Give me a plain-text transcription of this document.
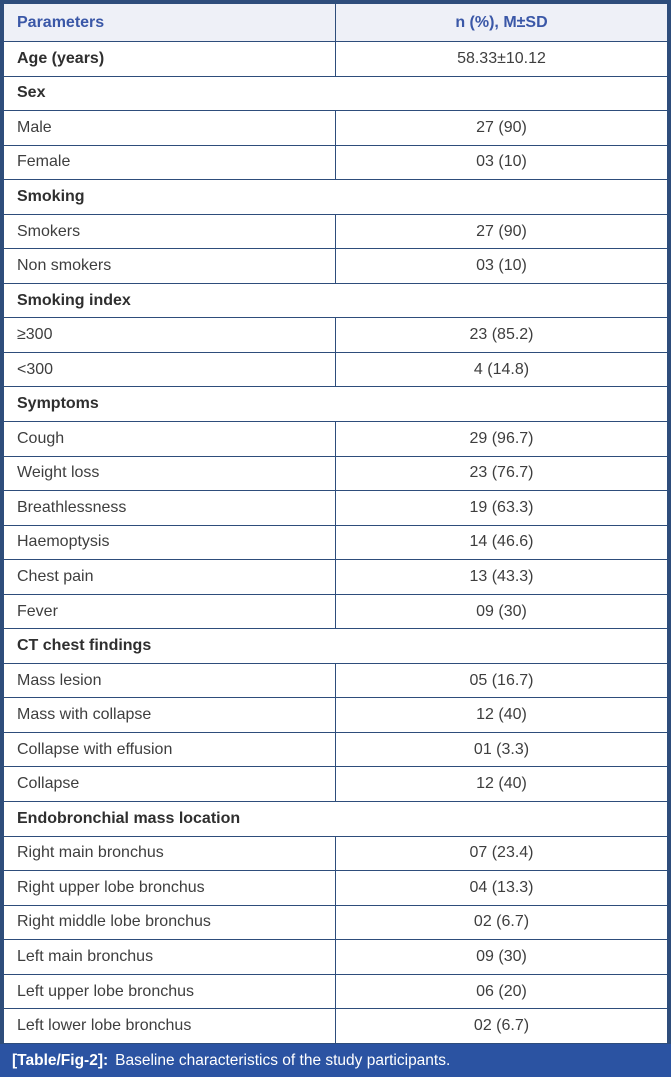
Parameters	n (%), M±SD
Age (years)	58.33±10.12
Sex	
Male	27 (90)
Female	03 (10)
Smoking	
Smokers	27 (90)
Non smokers	03 (10)
Smoking index	
≥300	23 (85.2)
<300	4 (14.8)
Symptoms	
Cough	29 (96.7)
Weight loss	23 (76.7)
Breathlessness	19 (63.3)
Haemoptysis	14 (46.6)
Chest pain	13 (43.3)
Fever	09 (30)
CT chest findings	
Mass lesion	05 (16.7)
Mass with collapse	12 (40)
Collapse with effusion	01 (3.3)
Collapse	12 (40)
Endobronchial mass location	
Right main bronchus	07 (23.4)
Right upper lobe bronchus	04 (13.3)
Right middle lobe bronchus	02 (6.7)
Left main bronchus	09 (30)
Left upper lobe bronchus	06 (20)
Left lower lobe bronchus	02 (6.7)
[Table/Fig-2]: Baseline characteristics of the study participants.
